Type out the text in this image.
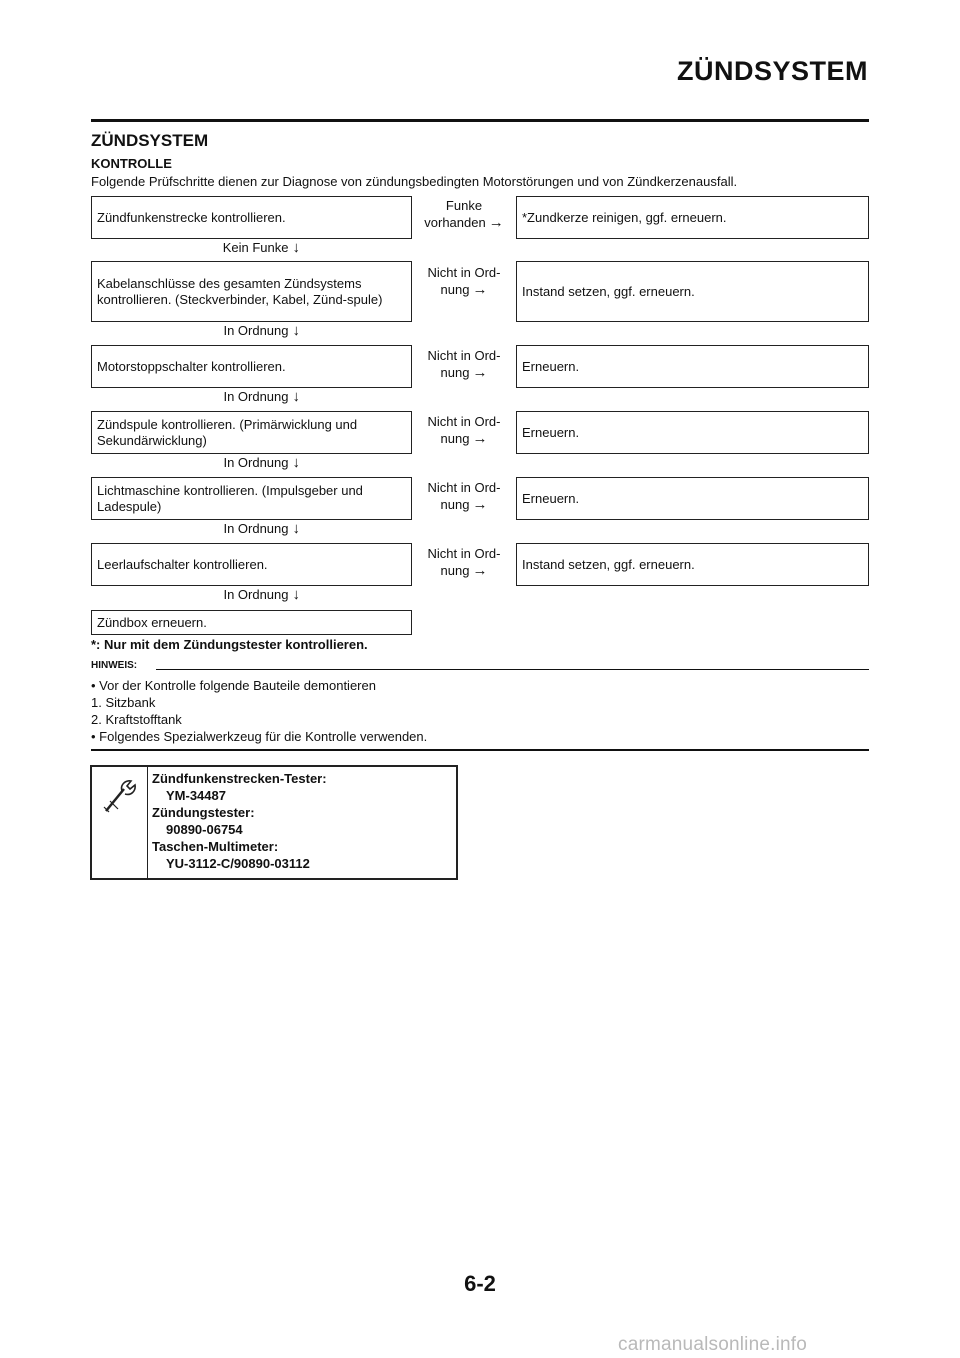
ZÜNDSYSTEM
ZÜNDSYSTEM
KONTROLLE
Folgende Prüfschritte dienen zur Diagnose von zündungsbedingten Motorstörungen und von Zündkerzenausfall.
Zündfunkenstrecke kontrollieren.
Funke
vorhanden →	*Zundkerze reinigen, ggf. erneuern.
Kein Funke ↓
Kabelanschlüsse des gesamten Zündsystems kontrollieren. (Steckverbinder, Kabel, Zünd-spule)
Nicht in Ord-
nung →	Instand setzen, ggf. erneuern.
In Ordnung ↓
Motorstoppschalter kontrollieren.
Nicht in Ord-
nung →	Erneuern.
In Ordnung ↓
Zündspule kontrollieren. (Primärwicklung und Sekundärwicklung)
Nicht in Ord-
nung →	Erneuern.
In Ordnung ↓
Lichtmaschine kontrollieren. (Impulsgeber und Ladespule)
Nicht in Ord-
nung →	Erneuern.
In Ordnung ↓
Leerlaufschalter kontrollieren.
Nicht in Ord-
nung →	Instand setzen, ggf. erneuern.
In Ordnung ↓
Zündbox erneuern.
*: Nur mit dem Zündungstester kontrollieren.
HINWEIS:
• Vor der Kontrolle folgende Bauteile demontieren
1. Sitzbank
2. Kraftstofftank
• Folgendes Spezialwerkzeug für die Kontrolle verwenden.
Zündfunkenstrecken-Tester:
YM-34487
Zündungstester:
90890-06754
Taschen-Multimeter:
YU-3112-C/90890-03112
6-2
carmanualsonline.info
